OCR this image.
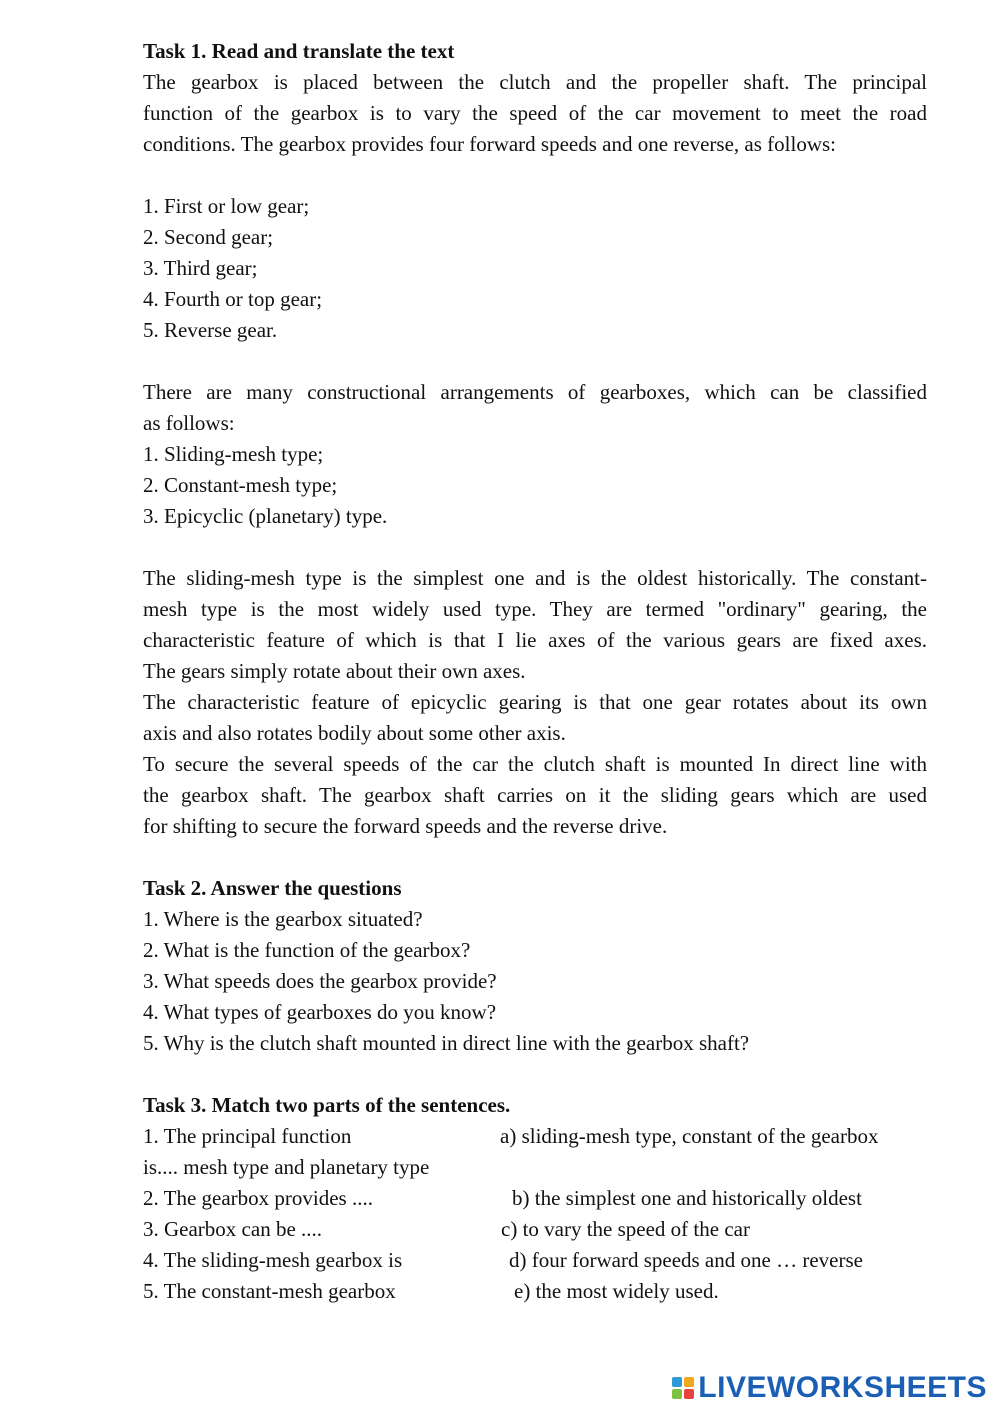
Task 1. Read and translate the text
The gearbox is placed between the clutch and the propeller shaft. The principal
function of the gearbox is to vary the speed of the car movement to meet the road
conditions. The gearbox provides four forward speeds and one reverse, as follows:
1. First or low gear;
2. Second gear;
3. Third gear;
4. Fourth or top gear;
5. Reverse gear.
There are many constructional arrangements of gearboxes, which can be classified
as follows:
1. Sliding-mesh type;
2. Constant-mesh type;
3. Epicyclic (planetary) type.
The sliding-mesh type is the simplest one and is the oldest historically. The constant-
mesh type is the most widely used type. They are termed "ordinary" gearing, the
characteristic feature of which is that I lie axes of the various gears are fixed axes.
The gears simply rotate about their own axes.
The characteristic feature of epicyclic gearing is that one gear rotates about its own
axis and also rotates bodily about some other axis.
To secure the several speeds of the car the clutch shaft is mounted In direct line with
the gearbox shaft. The gearbox shaft carries on it the sliding gears which are used
for shifting to secure the forward speeds and the reverse drive.
Task 2. Answer the questions
1. Where is the gearbox situated?
2. What is the function of the gearbox?
3. What speeds does the gearbox provide?
4. What types of gearboxes do you know?
5. Why is the clutch shaft mounted in direct line with the gearbox shaft?
Task 3. Match two parts of the sentences.
1. The principal function	a) sliding-mesh type, constant of the gearbox
is.... mesh type and planetary type
2. The gearbox provides ....	b) the simplest one and historically oldest
3. Gearbox can be ....	c) to vary the speed of the car
4. The sliding-mesh gearbox is	d) four forward speeds and one … reverse
5. The constant-mesh gearbox	e) the most widely used.
LIVEWORKSHEETS
